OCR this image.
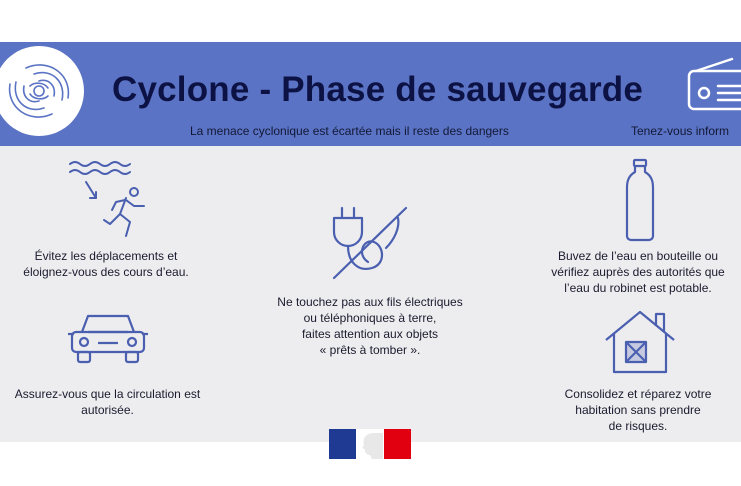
Cyclone - Phase de sauvegarde
La menace cyclonique est écartée mais il reste des dangers	Tenez-vous inform
Évitez les déplacements et
éloignez-vous des cours d’eau.
Assurez-vous que la circulation est
autorisée.
Ne touchez pas aux fils électriques
ou téléphoniques à terre,
faites attention aux objets
« prêts à tomber ».
Buvez de l’eau en bouteille ou
vérifiez auprès des autorités que
l’eau du robinet est potable.
Consolidez et réparez votre
habitation sans prendre
de risques.
